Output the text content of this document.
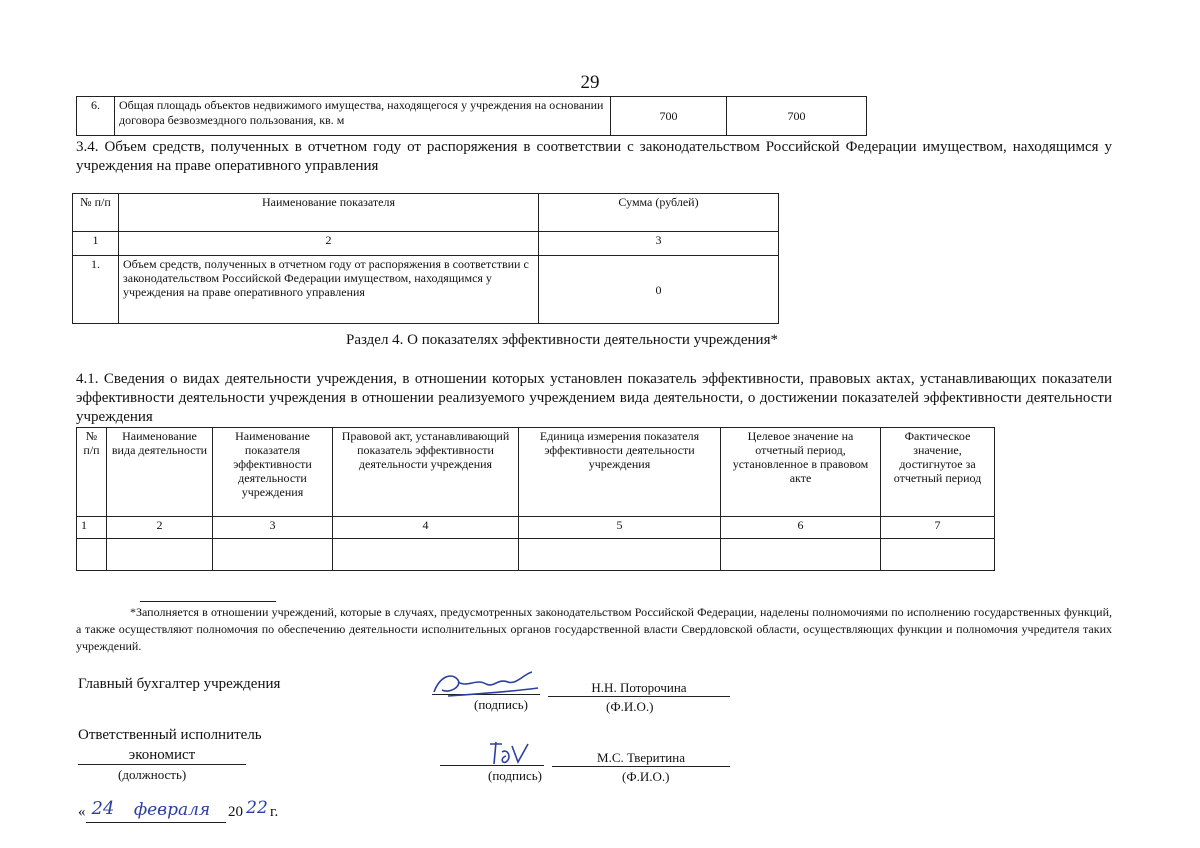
29
6.	Общая площадь объектов недвижимого имущества, находящегося у учреждения на основании договора безвозмездного пользования, кв. м	700	700
3.4. Объем средств, полученных в отчетном году от распоряжения в соответствии с законодательством Российской Федерации имуществом, находящимся у учреждения на праве оперативного управления
№ п/п	Наименование показателя	Сумма (рублей)
1	2	3
1.	Объем средств, полученных в отчетном году от распоряжения в соответствии с законодательством Российской Федерации имуществом, находящимся у учреждения на праве оперативного управления	0
Раздел 4. О показателях эффективности деятельности учреждения*
4.1. Сведения о видах деятельности учреждения, в отношении которых установлен показатель эффективности, правовых актах, устанавливающих показатели эффективности деятельности учреждения в отношении реализуемого учреждением вида деятельности, о достижении показателей эффективности деятельности учреждения
№ п/п	Наименование вида деятельности	Наименование показателя эффективности деятельности учреждения	Правовой акт, устанавливающий показатель эффективности деятельности учреждения	Единица измерения показателя эффективности деятельности учреждения	Целевое значение на отчетный период, установленное в правовом акте	Фактическое значение, достигнутое за отчетный период
1	2	3	4	5	6	7

*Заполняется в отношении учреждений, которые в случаях, предусмотренных законодательством Российской Федерации, наделены полномочиями по исполнению государственных функций, а также осуществляют полномочия по обеспечению деятельности исполнительных органов государственной власти Свердловской области, осуществляющих функции и полномочия учредителя таких учреждений.
Главный бухгалтер учреждения	Н.Н. Поторочина
(подпись)	(Ф.И.О.)
Ответственный исполнитель
экономист
(должность)
М.С. Тверитина
(подпись)	(Ф.И.О.)
« 24	февраля	20 22 г.
